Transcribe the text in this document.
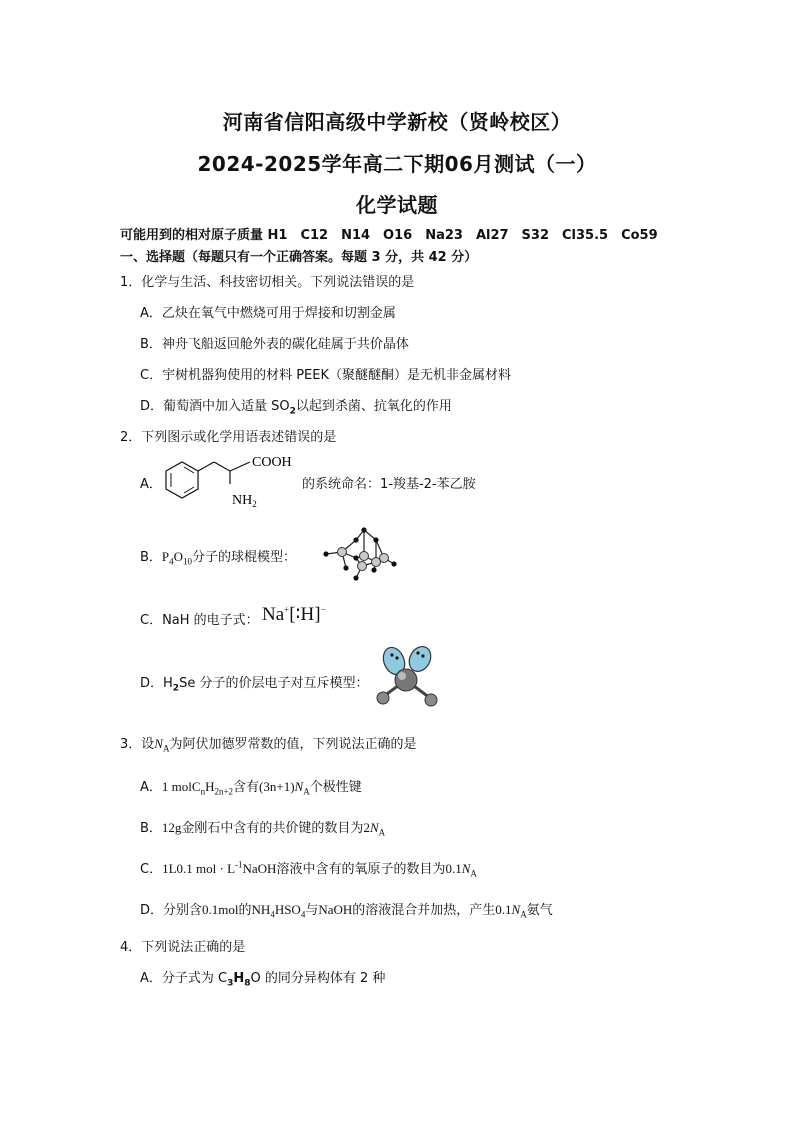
河南省信阳高级中学新校（贤岭校区）
2024-2025学年高二下期06月测试（一）
化学试题
可能用到的相对原子质量 H1　C12　N14　O16　Na23　Al27　S32　Cl35.5　Co59
一、选择题（每题只有一个正确答案。每题 3 分，共 42 分）
1．化学与生活、科技密切相关。下列说法错误的是
A．乙炔在氧气中燃烧可用于焊接和切割金属
B．神舟飞船返回舱外表的碳化硅属于共价晶体
C．宇树机器狗使用的材料 PEEK（聚醚醚酮）是无机非金属材料
D．葡萄酒中加入适量 $SO_2$以起到杀菌、抗氧化的作用
2．下列图示或化学用语表述错误的是
A．
COOH
$NH_2$
的系统命名：1-羧基-2-苯乙胺
B．$P_4O_{10}$分子的球棍模型：
C．NaH 的电子式： Na+[∶H]−
D．$H_2Se$ 分子的价层电子对互斥模型：
3．设$N_A$为阿伏加德罗常数的值，下列说法正确的是
A．1 $molC_nH_{2n+2}$含有$(3n+1)N_A$个极性键
B．12g金刚石中含有的共价键的数目为$2N_A$
C．1L0.1 mol · $L^{-1}NaOH$溶液中含有的氧原子的数目为$0.1N_A$
D．分别含0.1mol的$NH_4HSO_4$与NaOH的溶液混合并加热，产生$0.1N_A$氨气
4．下列说法正确的是
A．分子式为 $C_3H_8O$ 的同分异构体有 2 种
